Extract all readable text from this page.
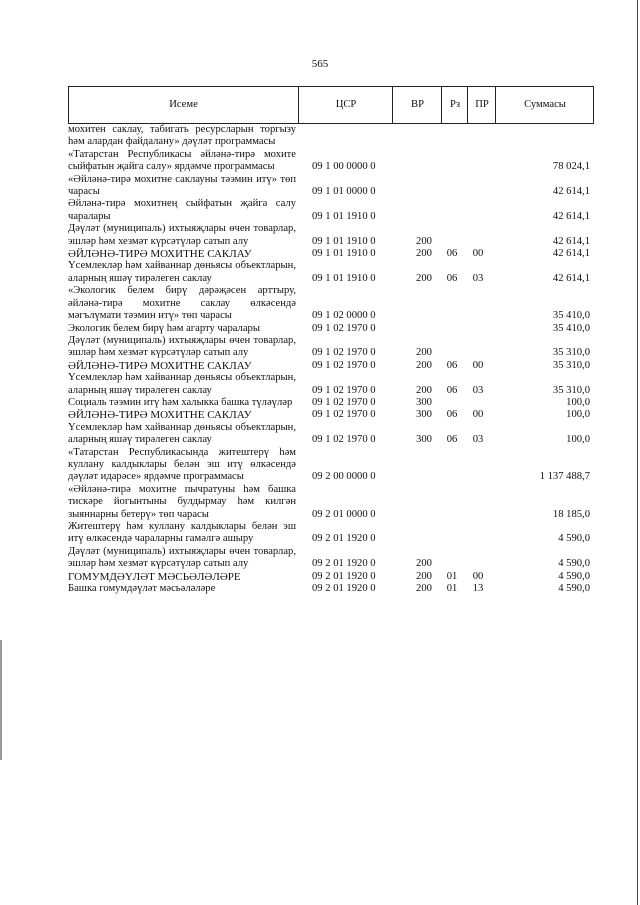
565
Исеме	ЦСР	ВР	Рз	ПР	Суммасы
мохитен саклау, табигать ресурсларын торгызу һәм алардан файдалану» дәүләт программасы
«Татарстан Республикасы әйләнә-тирә мохите сыйфатын җайга салу» ярдәмче программасы	09 1 00 0000 0	78 024,1
«Әйләнә-тирә мохитне саклауны тәэмин итү» төп чарасы	09 1 01 0000 0	42 614,1
Әйләнә-тирә мохитнең сыйфатын җайга салу чаралары	09 1 01 1910 0	42 614,1
Дәүләт (муниципаль) ихтыяҗлары өчен товарлар, эшләр һәм хезмәт күрсәтүләр сатып алу	09 1 01 1910 0	200	42 614,1
ӘЙЛӘНӘ-ТИРӘ МОХИТНЕ САКЛАУ	09 1 01 1910 0	200	06	00	42 614,1
Үсемлекләр һәм хайваннар дөньясы объектларын, аларның яшәү тирәлеген саклау	09 1 01 1910 0	200	06	03	42 614,1
«Экологик белем бирү дәрәҗәсен арттыру, әйләнә-тирә мохитне саклау өлкәсендә мәгълүмати тәэмин итү» төп чарасы	09 1 02 0000 0	35 410,0
Экологик белем бирү һәм агарту чаралары	09 1 02 1970 0	35 410,0
Дәүләт (муниципаль) ихтыяҗлары өчен товарлар, эшләр һәм хезмәт күрсәтүләр сатып алу	09 1 02 1970 0	200	35 310,0
ӘЙЛӘНӘ-ТИРӘ МОХИТНЕ САКЛАУ	09 1 02 1970 0	200	06	00	35 310,0
Үсемлекләр һәм хайваннар дөньясы объектларын, аларның яшәү тирәлеген саклау	09 1 02 1970 0	200	06	03	35 310,0
Социаль тәэмин итү һәм халыкка башка түләүләр	09 1 02 1970 0	300	100,0
ӘЙЛӘНӘ-ТИРӘ МОХИТНЕ САКЛАУ	09 1 02 1970 0	300	06	00	100,0
Үсемлекләр һәм хайваннар дөньясы объектларын, аларның яшәү тирәлеген саклау	09 1 02 1970 0	300	06	03	100,0
«Татарстан Республикасында житештерү һәм куллану калдыклары белән эш итү өлкәсендә дәүләт идарәсе» ярдәмче программасы	09 2 00 0000 0	1 137 488,7
«Әйләнә-тирә мохитне пычратуны һәм башка тискәре йогынтыны булдырмау һәм килгән зыяннарны бетерү» төп чарасы	09 2 01 0000 0	18 185,0
Житештерү һәм куллану калдыклары белән эш итү өлкәсендә чараларны гамәлгә ашыру	09 2 01 1920 0	4 590,0
Дәүләт (муниципаль) ихтыяҗлары өчен товарлар, эшләр һәм хезмәт күрсәтүләр сатып алу	09 2 01 1920 0	200	4 590,0
ГОМУМДӘҮЛӘТ МӘСЬӘЛӘЛӘРЕ	09 2 01 1920 0	200	01	00	4 590,0
Башка гомумдәүләт мәсьәләләре	09 2 01 1920 0	200	01	13	4 590,0
